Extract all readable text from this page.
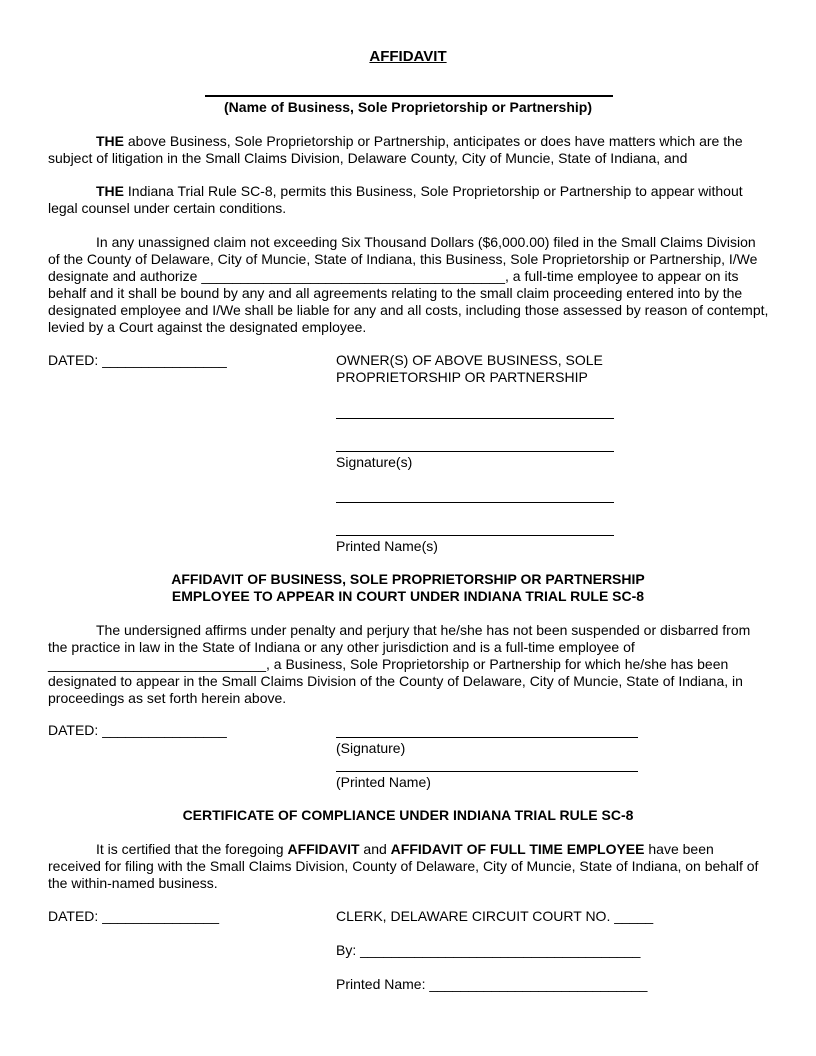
AFFIDAVIT
(Name of Business, Sole Proprietorship or Partnership)
THE above Business, Sole Proprietorship or Partnership, anticipates or does have matters which are the subject of litigation in the Small Claims Division, Delaware County, City of Muncie, State of Indiana, and
THE Indiana Trial Rule SC-8, permits this Business, Sole Proprietorship or Partnership to appear without legal counsel under certain conditions.
In any unassigned claim not exceeding Six Thousand Dollars ($6,000.00) filed in the Small Claims Division of the County of Delaware, City of Muncie, State of Indiana, this Business, Sole Proprietorship or Partnership, I/We designate and authorize _______________________________________, a full-time employee to appear on its behalf and it shall be bound by any and all agreements relating to the small claim proceeding entered into by the designated employee and I/We shall be liable for any and all costs, including those assessed by reason of contempt, levied by a Court against the designated employee.
DATED: ________________	OWNER(S) OF ABOVE BUSINESS, SOLE
PROPRIETORSHIP OR PARTNERSHIP
Signature(s)
Printed Name(s)
AFFIDAVIT OF BUSINESS, SOLE PROPRIETORSHIP OR PARTNERSHIP
EMPLOYEE TO APPEAR IN COURT UNDER INDIANA TRIAL RULE SC-8
The undersigned affirms under penalty and perjury that he/she has not been suspended or disbarred from the practice in law in the State of Indiana or any other jurisdiction and is a full-time employee of ____________________________, a Business, Sole Proprietorship or Partnership for which he/she has been designated to appear in the Small Claims Division of the County of Delaware, City of Muncie, State of Indiana, in proceedings as set forth herein above.
DATED: ________________
(Signature)
(Printed Name)
CERTIFICATE OF COMPLIANCE UNDER INDIANA TRIAL RULE SC-8
It is certified that the foregoing AFFIDAVIT and AFFIDAVIT OF FULL TIME EMPLOYEE have been received for filing with the Small Claims Division, County of Delaware, City of Muncie, State of Indiana, on behalf of the within-named business.
DATED: _______________	CLERK, DELAWARE CIRCUIT COURT NO. _____
By: ____________________________________
Printed Name: ____________________________
